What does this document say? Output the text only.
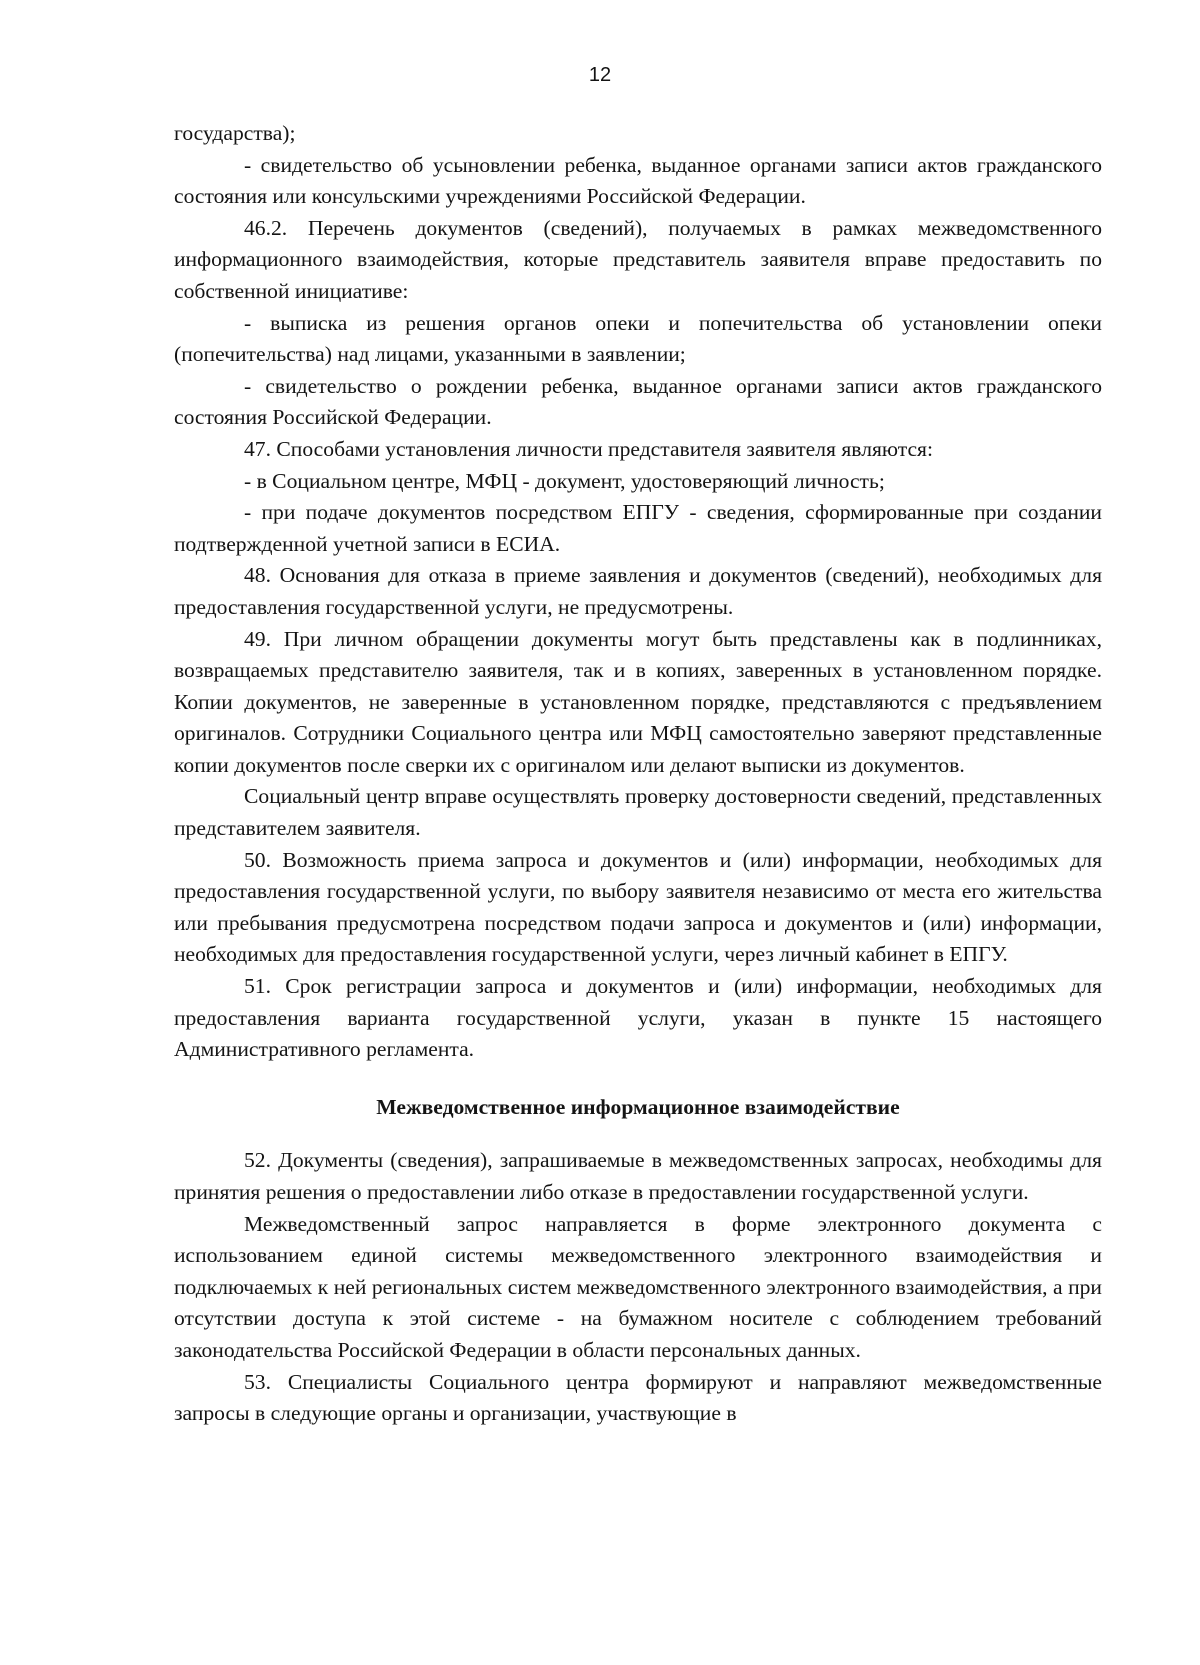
12

государства);

- свидетельство об усыновлении ребенка, выданное органами записи актов гражданского состояния или консульскими учреждениями Российской Федерации.

46.2. Перечень документов (сведений), получаемых в рамках межведомственного информационного взаимодействия, которые представитель заявителя вправе предоставить по собственной инициативе:

- выписка из решения органов опеки и попечительства об установлении опеки (попечительства) над лицами, указанными в заявлении;

- свидетельство о рождении ребенка, выданное органами записи актов гражданского состояния Российской Федерации.

47. Способами установления личности представителя заявителя являются:

- в Социальном центре, МФЦ - документ, удостоверяющий личность;

- при подаче документов посредством ЕПГУ - сведения, сформированные при создании подтвержденной учетной записи в ЕСИА.

48. Основания для отказа в приеме заявления и документов (сведений), необходимых для предоставления государственной услуги, не предусмотрены.

49. При личном обращении документы могут быть представлены как в подлинниках, возвращаемых представителю заявителя, так и в копиях, заверенных в установленном порядке. Копии документов, не заверенные в установленном порядке, представляются с предъявлением оригиналов. Сотрудники Социального центра или МФЦ самостоятельно заверяют представленные копии документов после сверки их с оригиналом или делают выписки из документов.

Социальный центр вправе осуществлять проверку достоверности сведений, представленных представителем заявителя.

50. Возможность приема запроса и документов и (или) информации, необходимых для предоставления государственной услуги, по выбору заявителя независимо от места его жительства или пребывания предусмотрена посредством подачи запроса и документов и (или) информации, необходимых для предоставления государственной услуги, через личный кабинет в ЕПГУ.

51. Срок регистрации запроса и документов и (или) информации, необходимых для предоставления варианта государственной услуги, указан в пункте 15 настоящего Административного регламента.

Межведомственное информационное взаимодействие

52. Документы (сведения), запрашиваемые в межведомственных запросах, необходимы для принятия решения о предоставлении либо отказе в предоставлении государственной услуги.

Межведомственный запрос направляется в форме электронного документа с использованием единой системы межведомственного электронного взаимодействия и подключаемых к ней региональных систем межведомственного электронного взаимодействия, а при отсутствии доступа к этой системе - на бумажном носителе с соблюдением требований законодательства Российской Федерации в области персональных данных.

53. Специалисты Социального центра формируют и направляют межведомственные запросы в следующие органы и организации, участвующие в
